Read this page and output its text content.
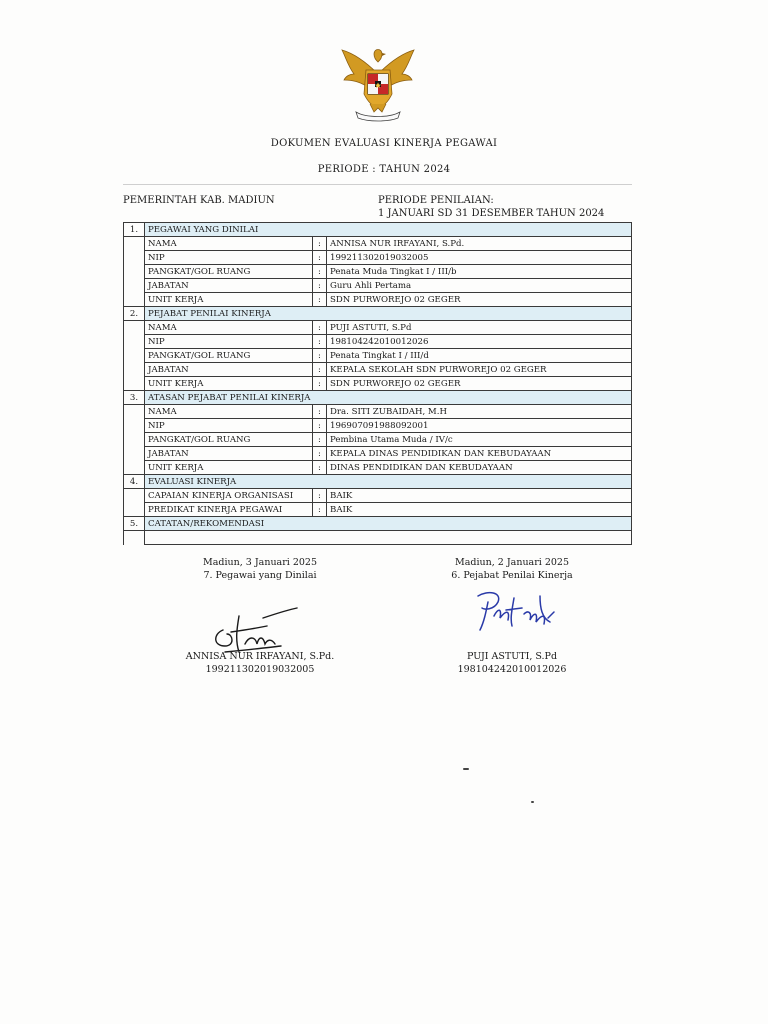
DOKUMEN EVALUASI KINERJA PEGAWAI
PERIODE : TAHUN 2024
PEMERINTAH KAB. MADIUN	PERIODE PENILAIAN:
1 JANUARI SD 31 DESEMBER TAHUN 2024
1.	PEGAWAI YANG DINILAI		
	NAMA	:	ANNISA NUR IRFAYANI, S.Pd.
	NIP	:	199211302019032005
	PANGKAT/GOL RUANG	:	Penata Muda Tingkat I / III/b
	JABATAN	:	Guru Ahli Pertama
	UNIT KERJA	:	SDN PURWOREJO 02 GEGER
2.	PEJABAT PENILAI KINERJA		
	NAMA	:	PUJI ASTUTI, S.Pd
	NIP	:	198104242010012026
	PANGKAT/GOL RUANG	:	Penata Tingkat I / III/d
	JABATAN	:	KEPALA SEKOLAH SDN PURWOREJO 02 GEGER
	UNIT KERJA	:	SDN PURWOREJO 02 GEGER
3.	ATASAN PEJABAT PENILAI KINERJA		
	NAMA	:	Dra. SITI ZUBAIDAH, M.H
	NIP	:	196907091988092001
	PANGKAT/GOL RUANG	:	Pembina Utama Muda / IV/c
	JABATAN	:	KEPALA DINAS PENDIDIKAN DAN KEBUDAYAAN
	UNIT KERJA	:	DINAS PENDIDIKAN DAN KEBUDAYAAN
4.	EVALUASI KINERJA		
	CAPAIAN KINERJA ORGANISASI	:	BAIK
	PREDIKAT KINERJA PEGAWAI	:	BAIK
5.	CATATAN/REKOMENDASI		

Madiun, 3 Januari 2025
7. Pegawai yang Dinilai
ANNISA NUR IRFAYANI, S.Pd.
199211302019032005
Madiun, 2 Januari 2025
6. Pejabat Penilai Kinerja
PUJI ASTUTI, S.Pd
198104242010012026
